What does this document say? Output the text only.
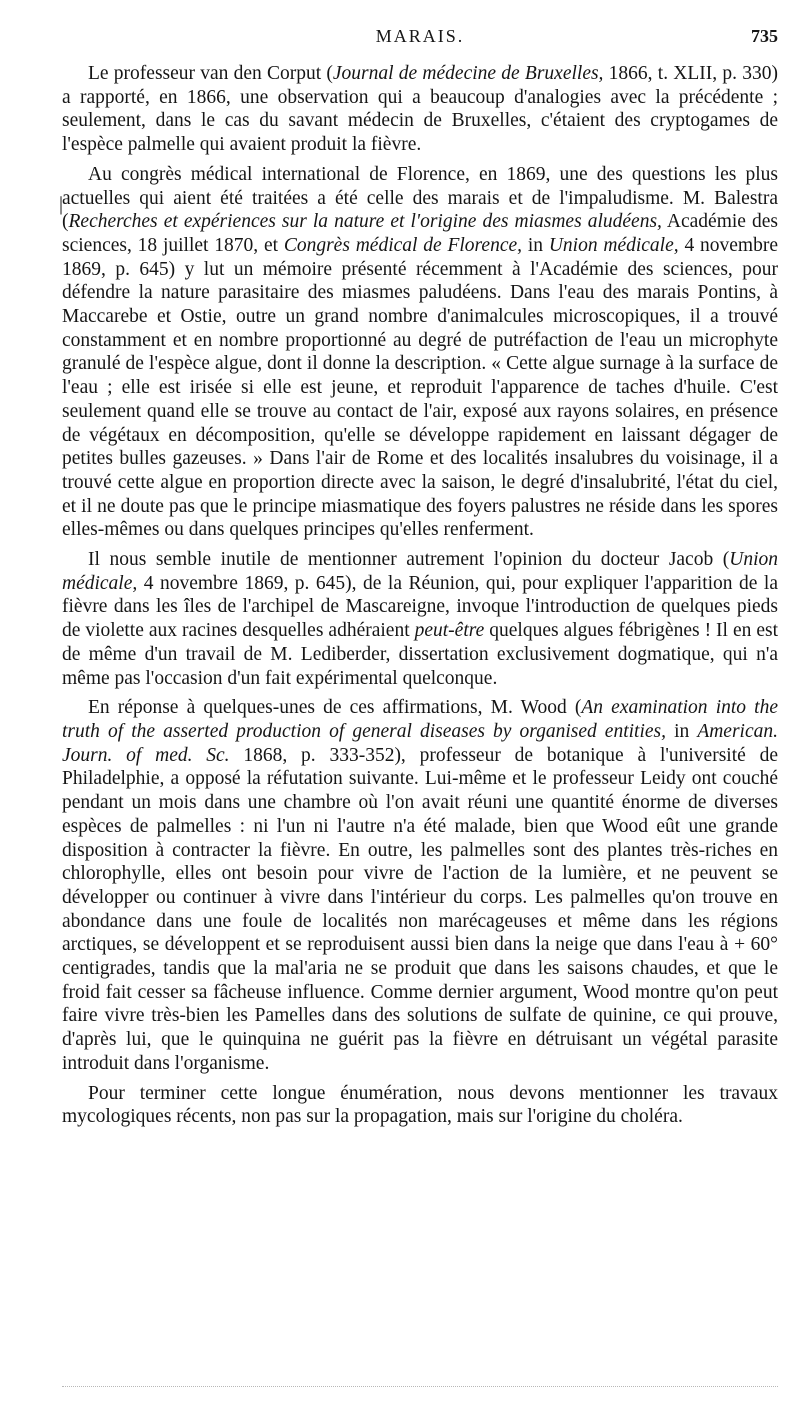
MARAIS.	735

Le professeur van den Corput (Journal de médecine de Bruxelles, 1866, t. XLII, p. 330) a rapporté, en 1866, une observation qui a beaucoup d'analogies avec la précédente ; seulement, dans le cas du savant médecin de Bruxelles, c'étaient des cryptogames de l'espèce palmelle qui avaient produit la fièvre.

Au congrès médical international de Florence, en 1869, une des questions les plus actuelles qui aient été traitées a été celle des marais et de l'impaludisme. M. Balestra (Recherches et expériences sur la nature et l'origine des miasmes aludéens, Académie des sciences, 18 juillet 1870, et Congrès médical de Florence, in Union médicale, 4 novembre 1869, p. 645) y lut un mémoire présenté récemment à l'Académie des sciences, pour défendre la nature parasitaire des miasmes paludéens. Dans l'eau des marais Pontins, à Maccarebe et Ostie, outre un grand nombre d'animalcules microscopiques, il a trouvé constamment et en nombre proportionné au degré de putréfaction de l'eau un microphyte granulé de l'espèce algue, dont il donne la description. « Cette algue surnage à la surface de l'eau ; elle est irisée si elle est jeune, et reproduit l'apparence de taches d'huile. C'est seulement quand elle se trouve au contact de l'air, exposé aux rayons solaires, en présence de végétaux en décomposition, qu'elle se développe rapidement en laissant dégager de petites bulles gazeuses. » Dans l'air de Rome et des localités insalubres du voisinage, il a trouvé cette algue en proportion directe avec la saison, le degré d'insalubrité, l'état du ciel, et il ne doute pas que le principe miasmatique des foyers palustres ne réside dans les spores elles-mêmes ou dans quelques principes qu'elles renferment.

Il nous semble inutile de mentionner autrement l'opinion du docteur Jacob (Union médicale, 4 novembre 1869, p. 645), de la Réunion, qui, pour expliquer l'apparition de la fièvre dans les îles de l'archipel de Mascareigne, invoque l'introduction de quelques pieds de violette aux racines desquelles adhéraient peut-être quelques algues fébrigènes ! Il en est de même d'un travail de M. Lediberder, dissertation exclusivement dogmatique, qui n'a même pas l'occasion d'un fait expérimental quelconque.

En réponse à quelques-unes de ces affirmations, M. Wood (An examination into the truth of the asserted production of general diseases by organised entities, in American. Journ. of med. Sc. 1868, p. 333-352), professeur de botanique à l'université de Philadelphie, a opposé la réfutation suivante. Lui-même et le professeur Leidy ont couché pendant un mois dans une chambre où l'on avait réuni une quantité énorme de diverses espèces de palmelles : ni l'un ni l'autre n'a été malade, bien que Wood eût une grande disposition à contracter la fièvre. En outre, les palmelles sont des plantes très-riches en chlorophylle, elles ont besoin pour vivre de l'action de la lumière, et ne peuvent se développer ou continuer à vivre dans l'intérieur du corps. Les palmelles qu'on trouve en abondance dans une foule de localités non marécageuses et même dans les régions arctiques, se développent et se reproduisent aussi bien dans la neige que dans l'eau à + 60° centigrades, tandis que la mal'aria ne se produit que dans les saisons chaudes, et que le froid fait cesser sa fâcheuse influence. Comme dernier argument, Wood montre qu'on peut faire vivre très-bien les Pamelles dans des solutions de sulfate de quinine, ce qui prouve, d'après lui, que le quinquina ne guérit pas la fièvre en détruisant un végétal parasite introduit dans l'organisme.

Pour terminer cette longue énumération, nous devons mentionner les travaux mycologiques récents, non pas sur la propagation, mais sur l'origine du choléra.

|
